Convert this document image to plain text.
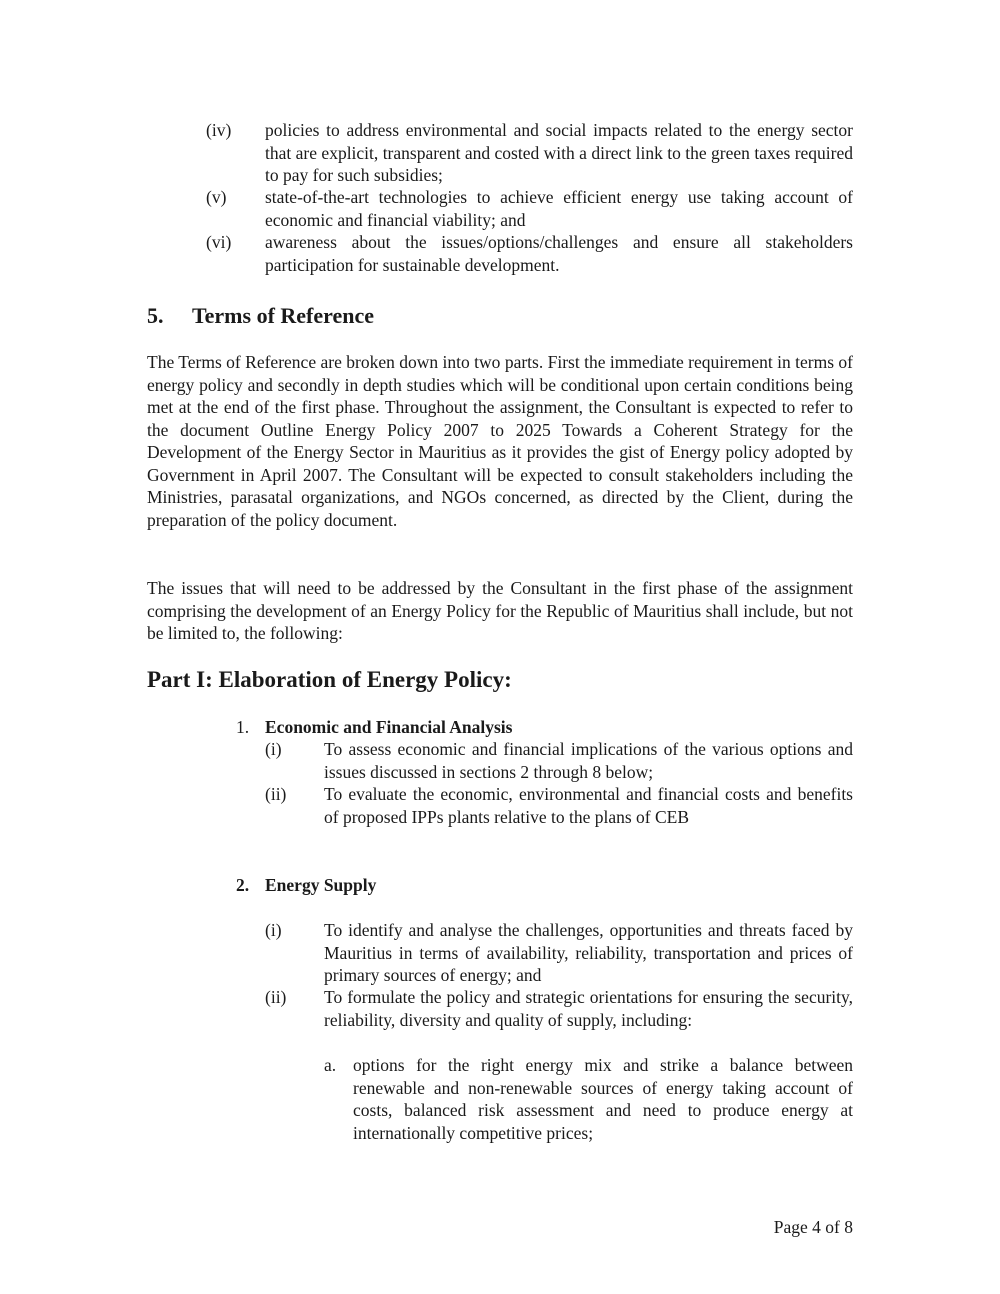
(iv) policies to address environmental and social impacts related to the energy sector that are explicit, transparent and costed with a direct link to the green taxes required to pay for such subsidies;

(v) state-of-the-art technologies to achieve efficient energy use taking account of economic and financial viability; and

(vi) awareness about the issues/options/challenges and ensure all stakeholders participation for sustainable development.

5. Terms of Reference

The Terms of Reference are broken down into two parts. First the immediate requirement in terms of energy policy and secondly in depth studies which will be conditional upon certain conditions being met at the end of the first phase. Throughout the assignment, the Consultant is expected to refer to the document Outline Energy Policy 2007 to 2025 Towards a Coherent Strategy for the Development of the Energy Sector in Mauritius as it provides the gist of Energy policy adopted by Government in April 2007. The Consultant will be expected to consult stakeholders including the Ministries, parasatal organizations, and NGOs concerned, as directed by the Client, during the preparation of the policy document.

The issues that will need to be addressed by the Consultant in the first phase of the assignment comprising the development of an Energy Policy for the Republic of Mauritius shall include, but not be limited to, the following:

Part I: Elaboration of Energy Policy:
1. Economic and Financial Analysis
(i) To assess economic and financial implications of the various options and issues discussed in sections 2 through 8 below;

(ii) To evaluate the economic, environmental and financial costs and benefits of proposed IPPs plants relative to the plans of CEB

2. Energy Supply
(i) To identify and analyse the challenges, opportunities and threats faced by Mauritius in terms of availability, reliability, transportation and prices of primary sources of energy; and

(ii) To formulate the policy and strategic orientations for ensuring the security, reliability, diversity and quality of supply, including:

a. options for the right energy mix and strike a balance between renewable and non-renewable sources of energy taking account of costs, balanced risk assessment and need to produce energy at internationally competitive prices;

Page 4 of 8
